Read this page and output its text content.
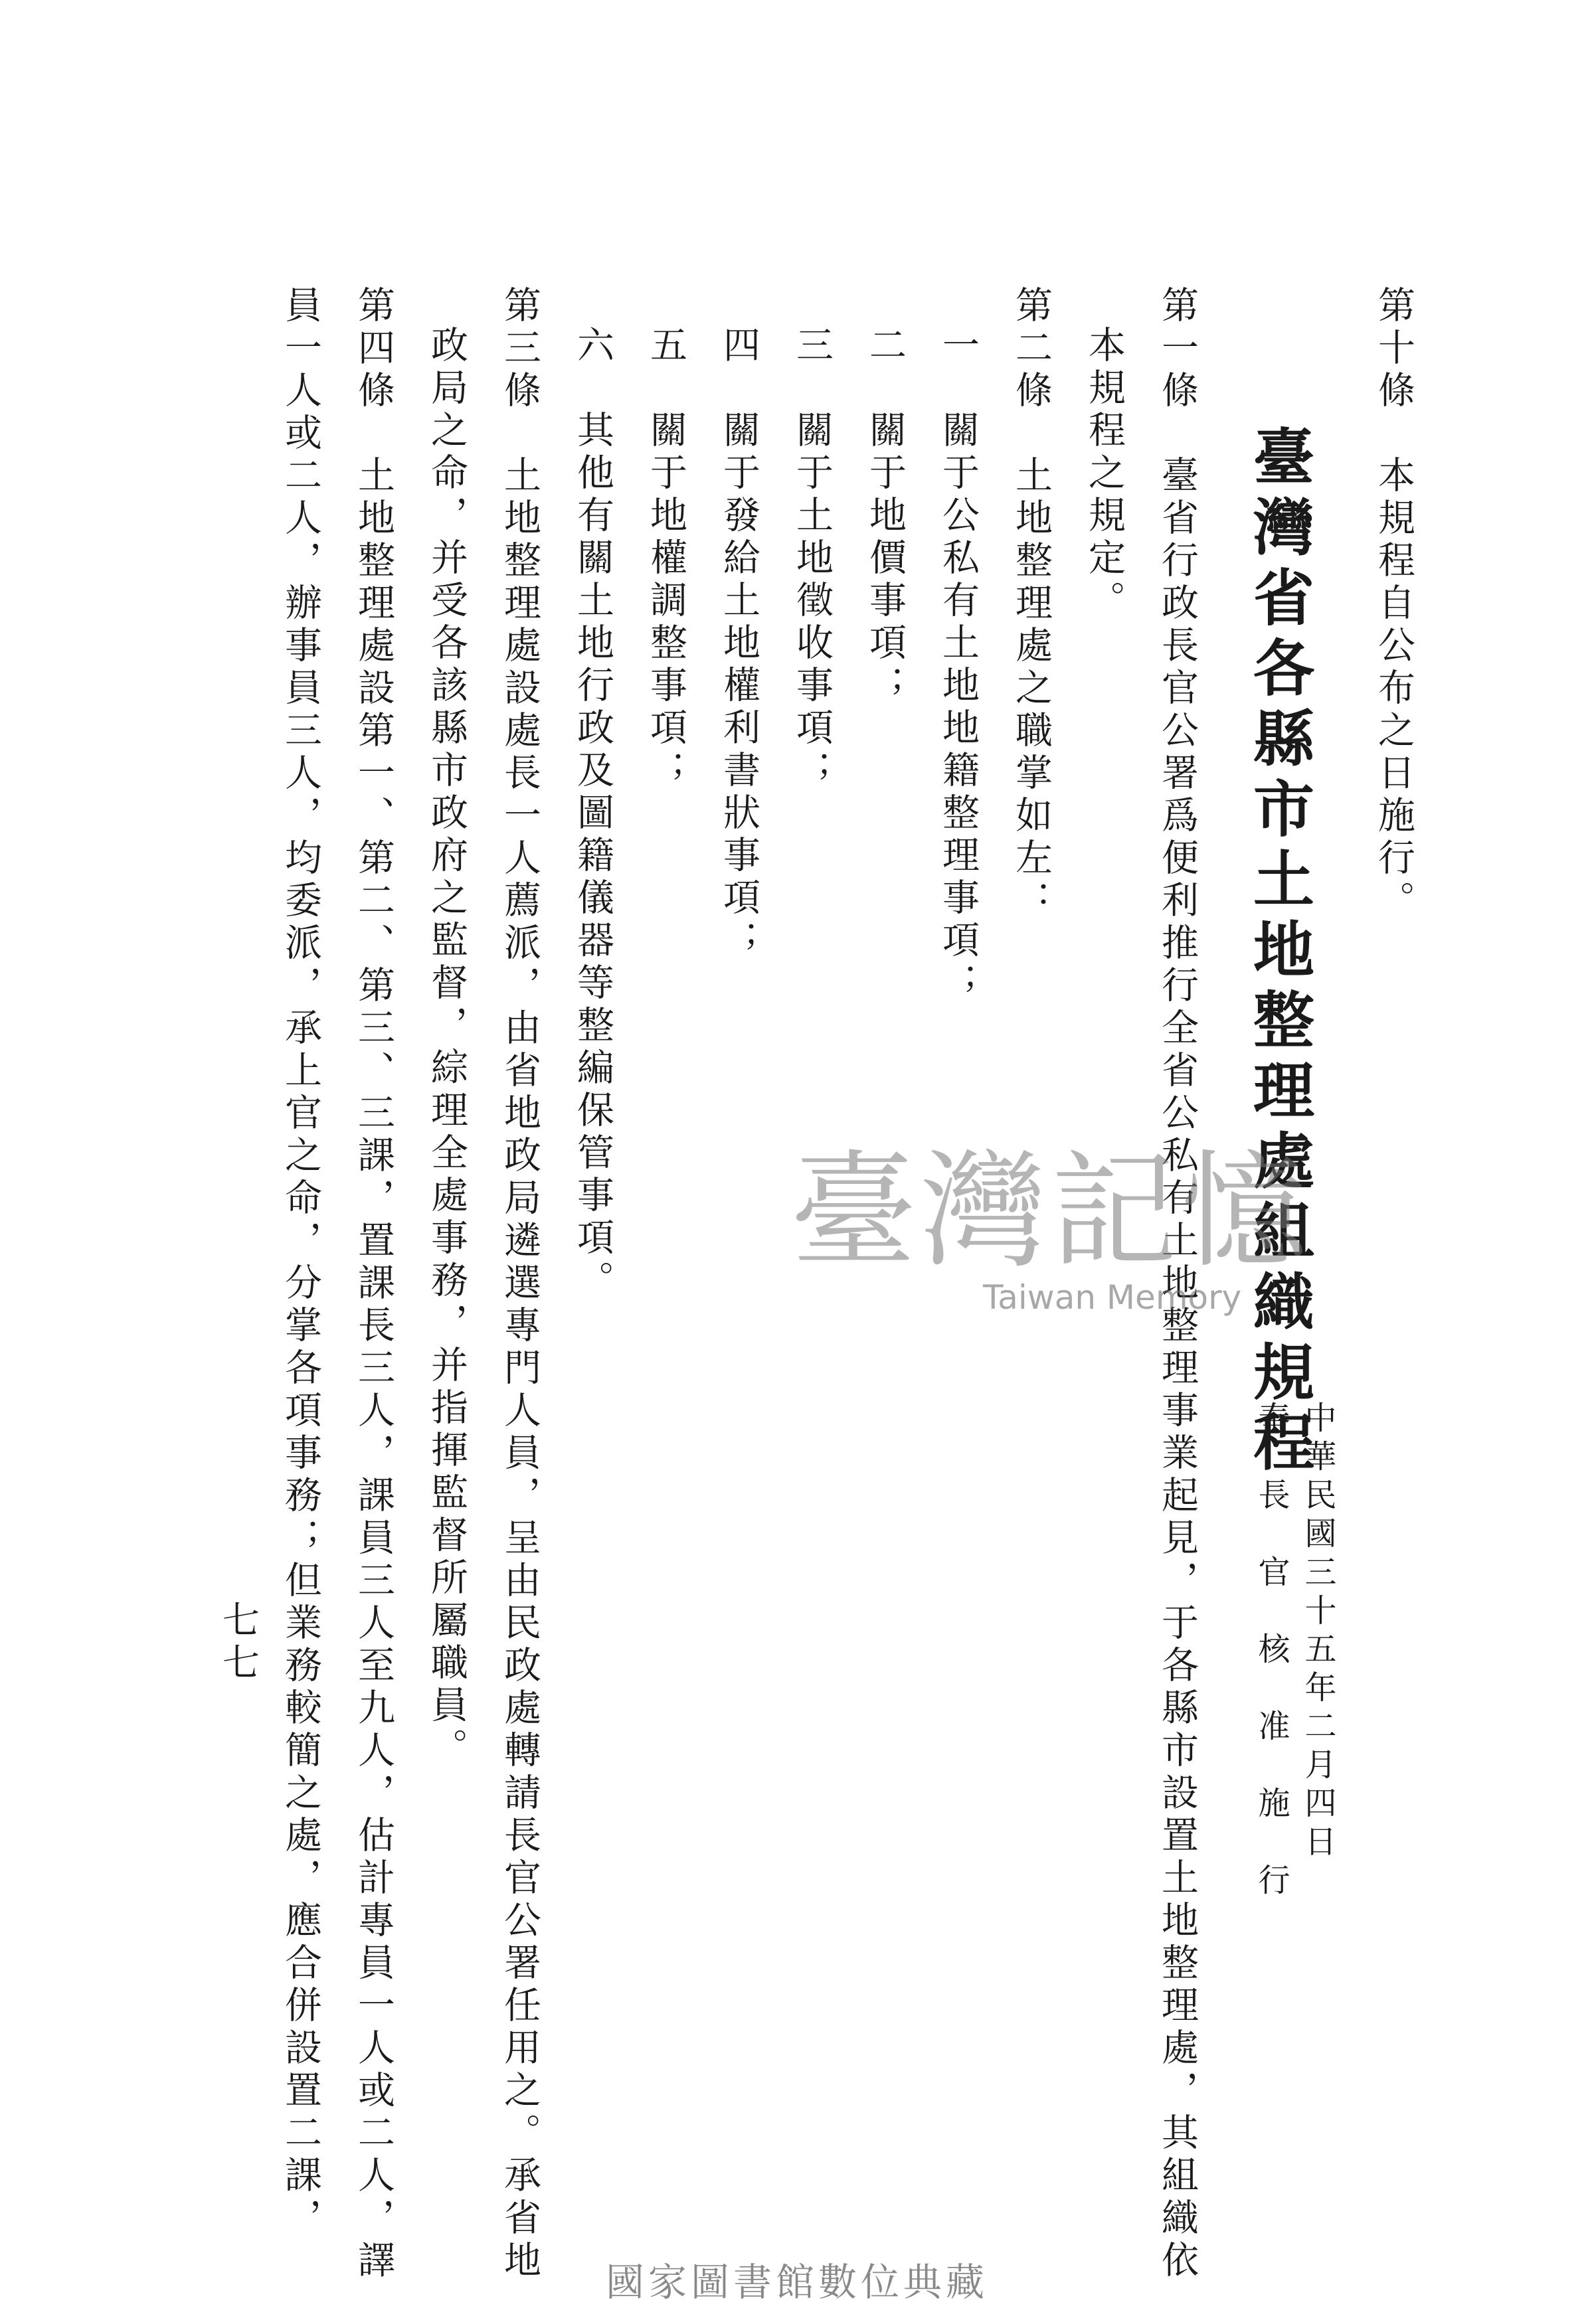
臺灣省各縣市土地整理處組織規程
中華民國三十五年二月四日
奉　長　官　核　准　施　行
第十條　本規程自公布之日施行。
第一條　臺省行政長官公署爲便利推行全省公私有土地整理事業起見，于各縣市設置土地整理處，其組織依
本規程之規定。
第二條　土地整理處之職掌如左：
一　關于公私有土地地籍整理事項；
二　關于地價事項；
三　關于土地徵收事項；
四　關于發給土地權利書狀事項；
五　關于地權調整事項；
六　其他有關土地行政及圖籍儀器等整編保管事項。
第三條　土地整理處設處長一人薦派，由省地政局遴選專門人員，呈由民政處轉請長官公署任用之。承省地
政局之命，并受各該縣市政府之監督，綜理全處事務，并指揮監督所屬職員。
第四條　土地整理處設第一、第二、第三、三課，置課長三人，課員三人至九人，估計專員一人或二人，譯
員一人或二人，辦事員三人，均委派，承上官之命，分掌各項事務；但業務較簡之處，應合併設置二課，
七七
臺灣記憶
Taiwan Memory
國家圖書館數位典藏
